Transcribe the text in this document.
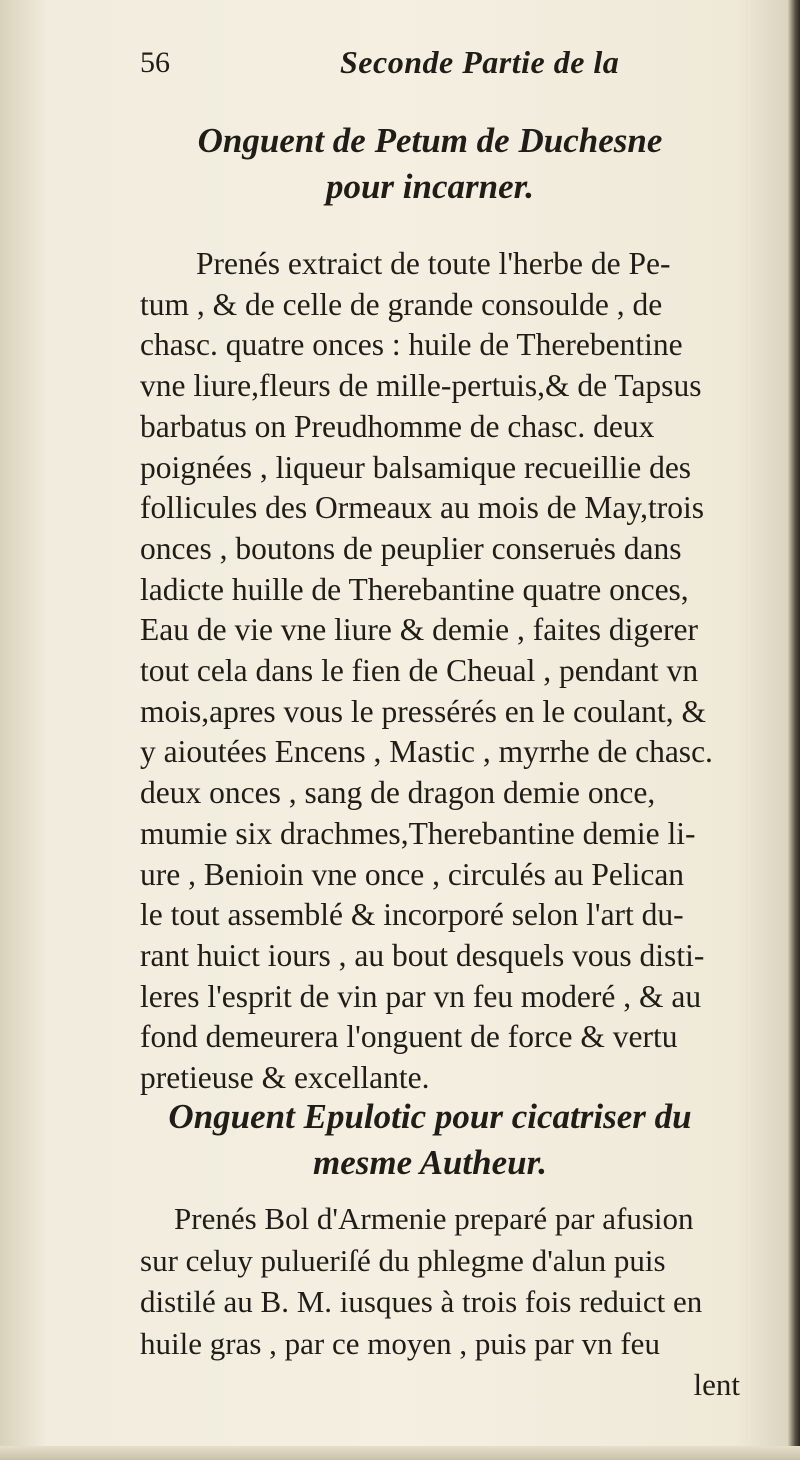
56	Seconde Partie de la
Onguent de Petum de Duchesne
pour incarner.
Prenés extraict de toute l'herbe de Pe-
tum , & de celle de grande consoulde , de
chasc. quatre onces : huile de Therebentine
vne liure,fleurs de mille-pertuis,& de Tapsus
barbatus on Preudhomme de chasc. deux
poignées , liqueur balsamique recueillie des
follicules des Ormeaux au mois de May,trois
onces , boutons de peuplier conseruės dans
ladicte huille de Therebantine quatre onces,
Eau de vie vne liure & demie , faites digerer
tout cela dans le fien de Cheual , pendant vn
mois,apres vous le pressérés en le coulant, &
y aioutées Encens , Mastic , myrrhe de chasc.
deux onces , sang de dragon demie once,
mumie six drachmes,Therebantine demie li-
ure , Benioin vne once , circulés au Pelican
le tout assemblé & incorporé selon l'art du-
rant huict iours , au bout desquels vous disti-
leres l'esprit de vin par vn feu moderé , & au
fond demeurera l'onguent de force & vertu
pretieuse & excellante.
Onguent Epulotic pour cicatriser du
mesme Autheur.
Prenés Bol d'Armenie preparé par afusion
sur celuy pulueriſé du phlegme d'alun puis
distilé au B. M. iusques à trois fois reduict en
huile gras , par ce moyen , puis par vn feu
lent
